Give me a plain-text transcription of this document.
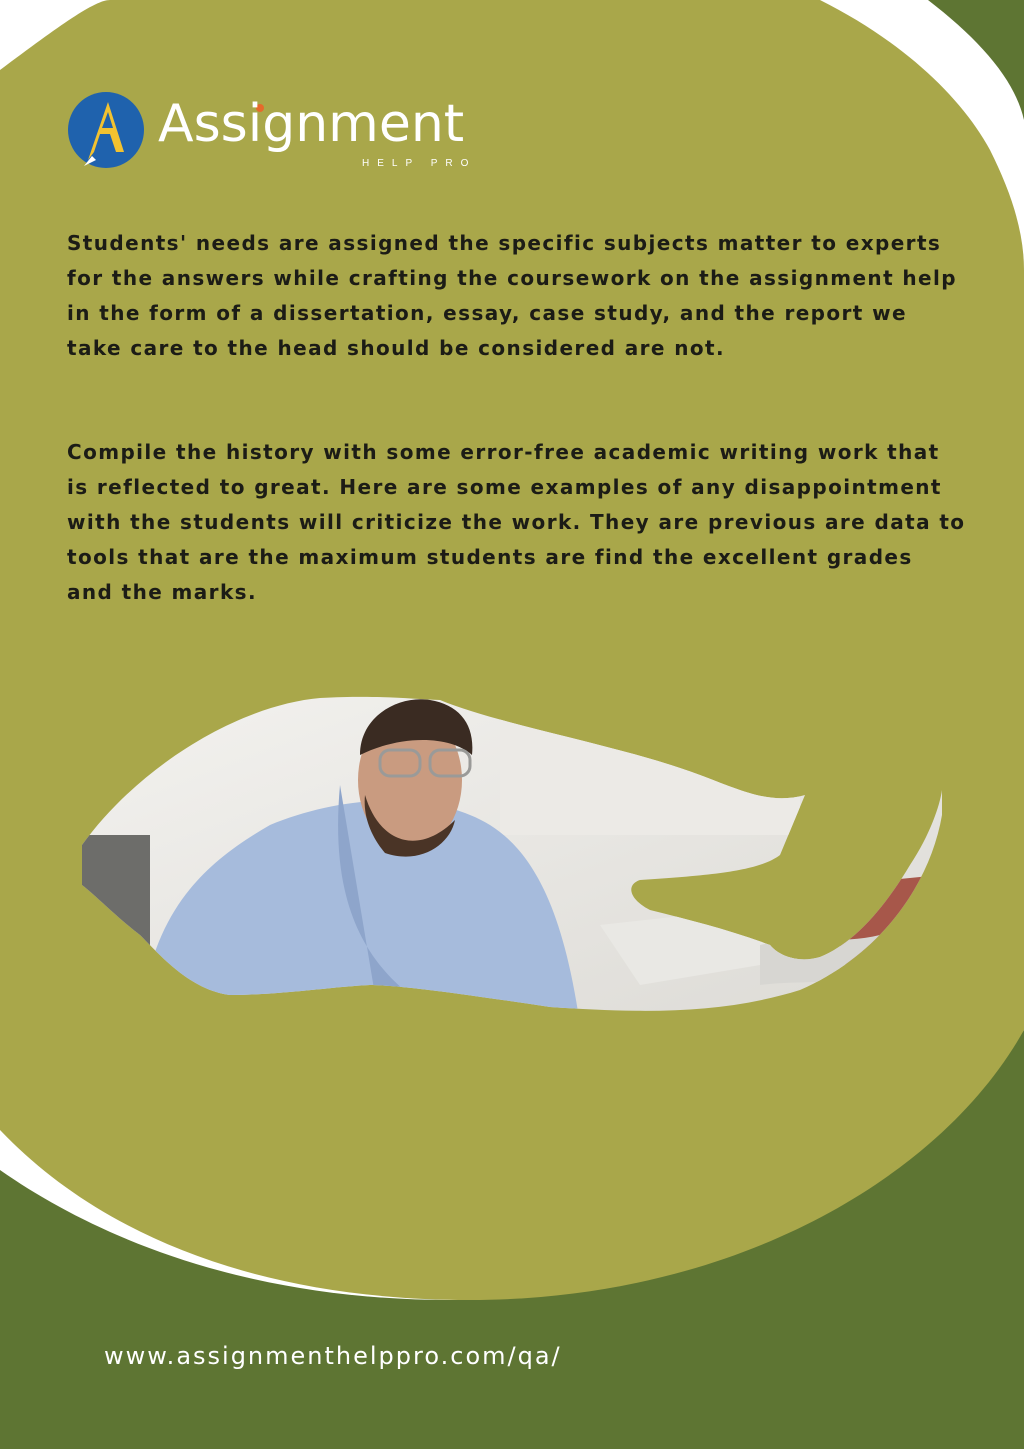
Assignment
HELP PRO

Students' needs are assigned the specific subjects matter to experts for the answers while crafting the coursework on the assignment help in the form of a dissertation, essay, case study, and the report we take care to the head should be considered are not.

Compile the history with some error-free academic writing work that is reflected to great. Here are some examples of any disappointment with the students will criticize the work. They are previous are data to tools that are the maximum students are find the excellent grades and the marks.

www.assignmenthelppro.com/qa/
